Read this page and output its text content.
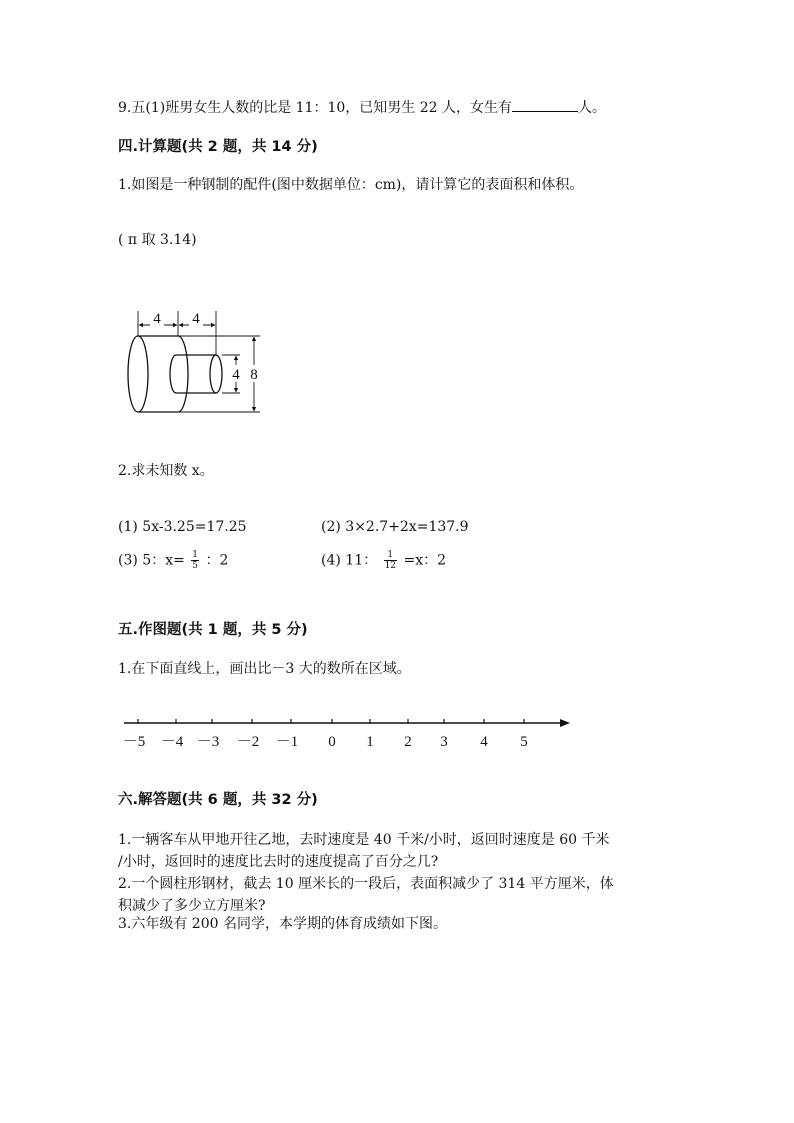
9.五(1)班男女生人数的比是 11：10，已知男生 22 人，女生有	人。
四.计算题(共 2 题，共 14 分)
1.如图是一种钢制的配件(图中数据单位：cm)，请计算它的表面积和体积。
( π 取 3.14)
4 4
4 8
2.求未知数 x。
(1) 5x-3.25=17.25	(2) 3×2.7+2x=137.9
(3) 5：$x= \frac{1}{5}$ ：2	(4) 11： $\frac{1}{12} =x$：2
五.作图题(共 1 题，共 5 分)
1.在下面直线上，画出比－3 大的数所在区域。
－5 －4 －3 －2 －1 0 1 2 3 4 5
六.解答题(共 6 题，共 32 分)
1.一辆客车从甲地开往乙地，去时速度是 40 千米/小时，返回时速度是 60 千米
/小时，返回时的速度比去时的速度提高了百分之几?
2.一个圆柱形钢材，截去 10 厘米长的一段后，表面积减少了 314 平方厘米，体
积减少了多少立方厘米?
3.六年级有 200 名同学，本学期的体育成绩如下图。
